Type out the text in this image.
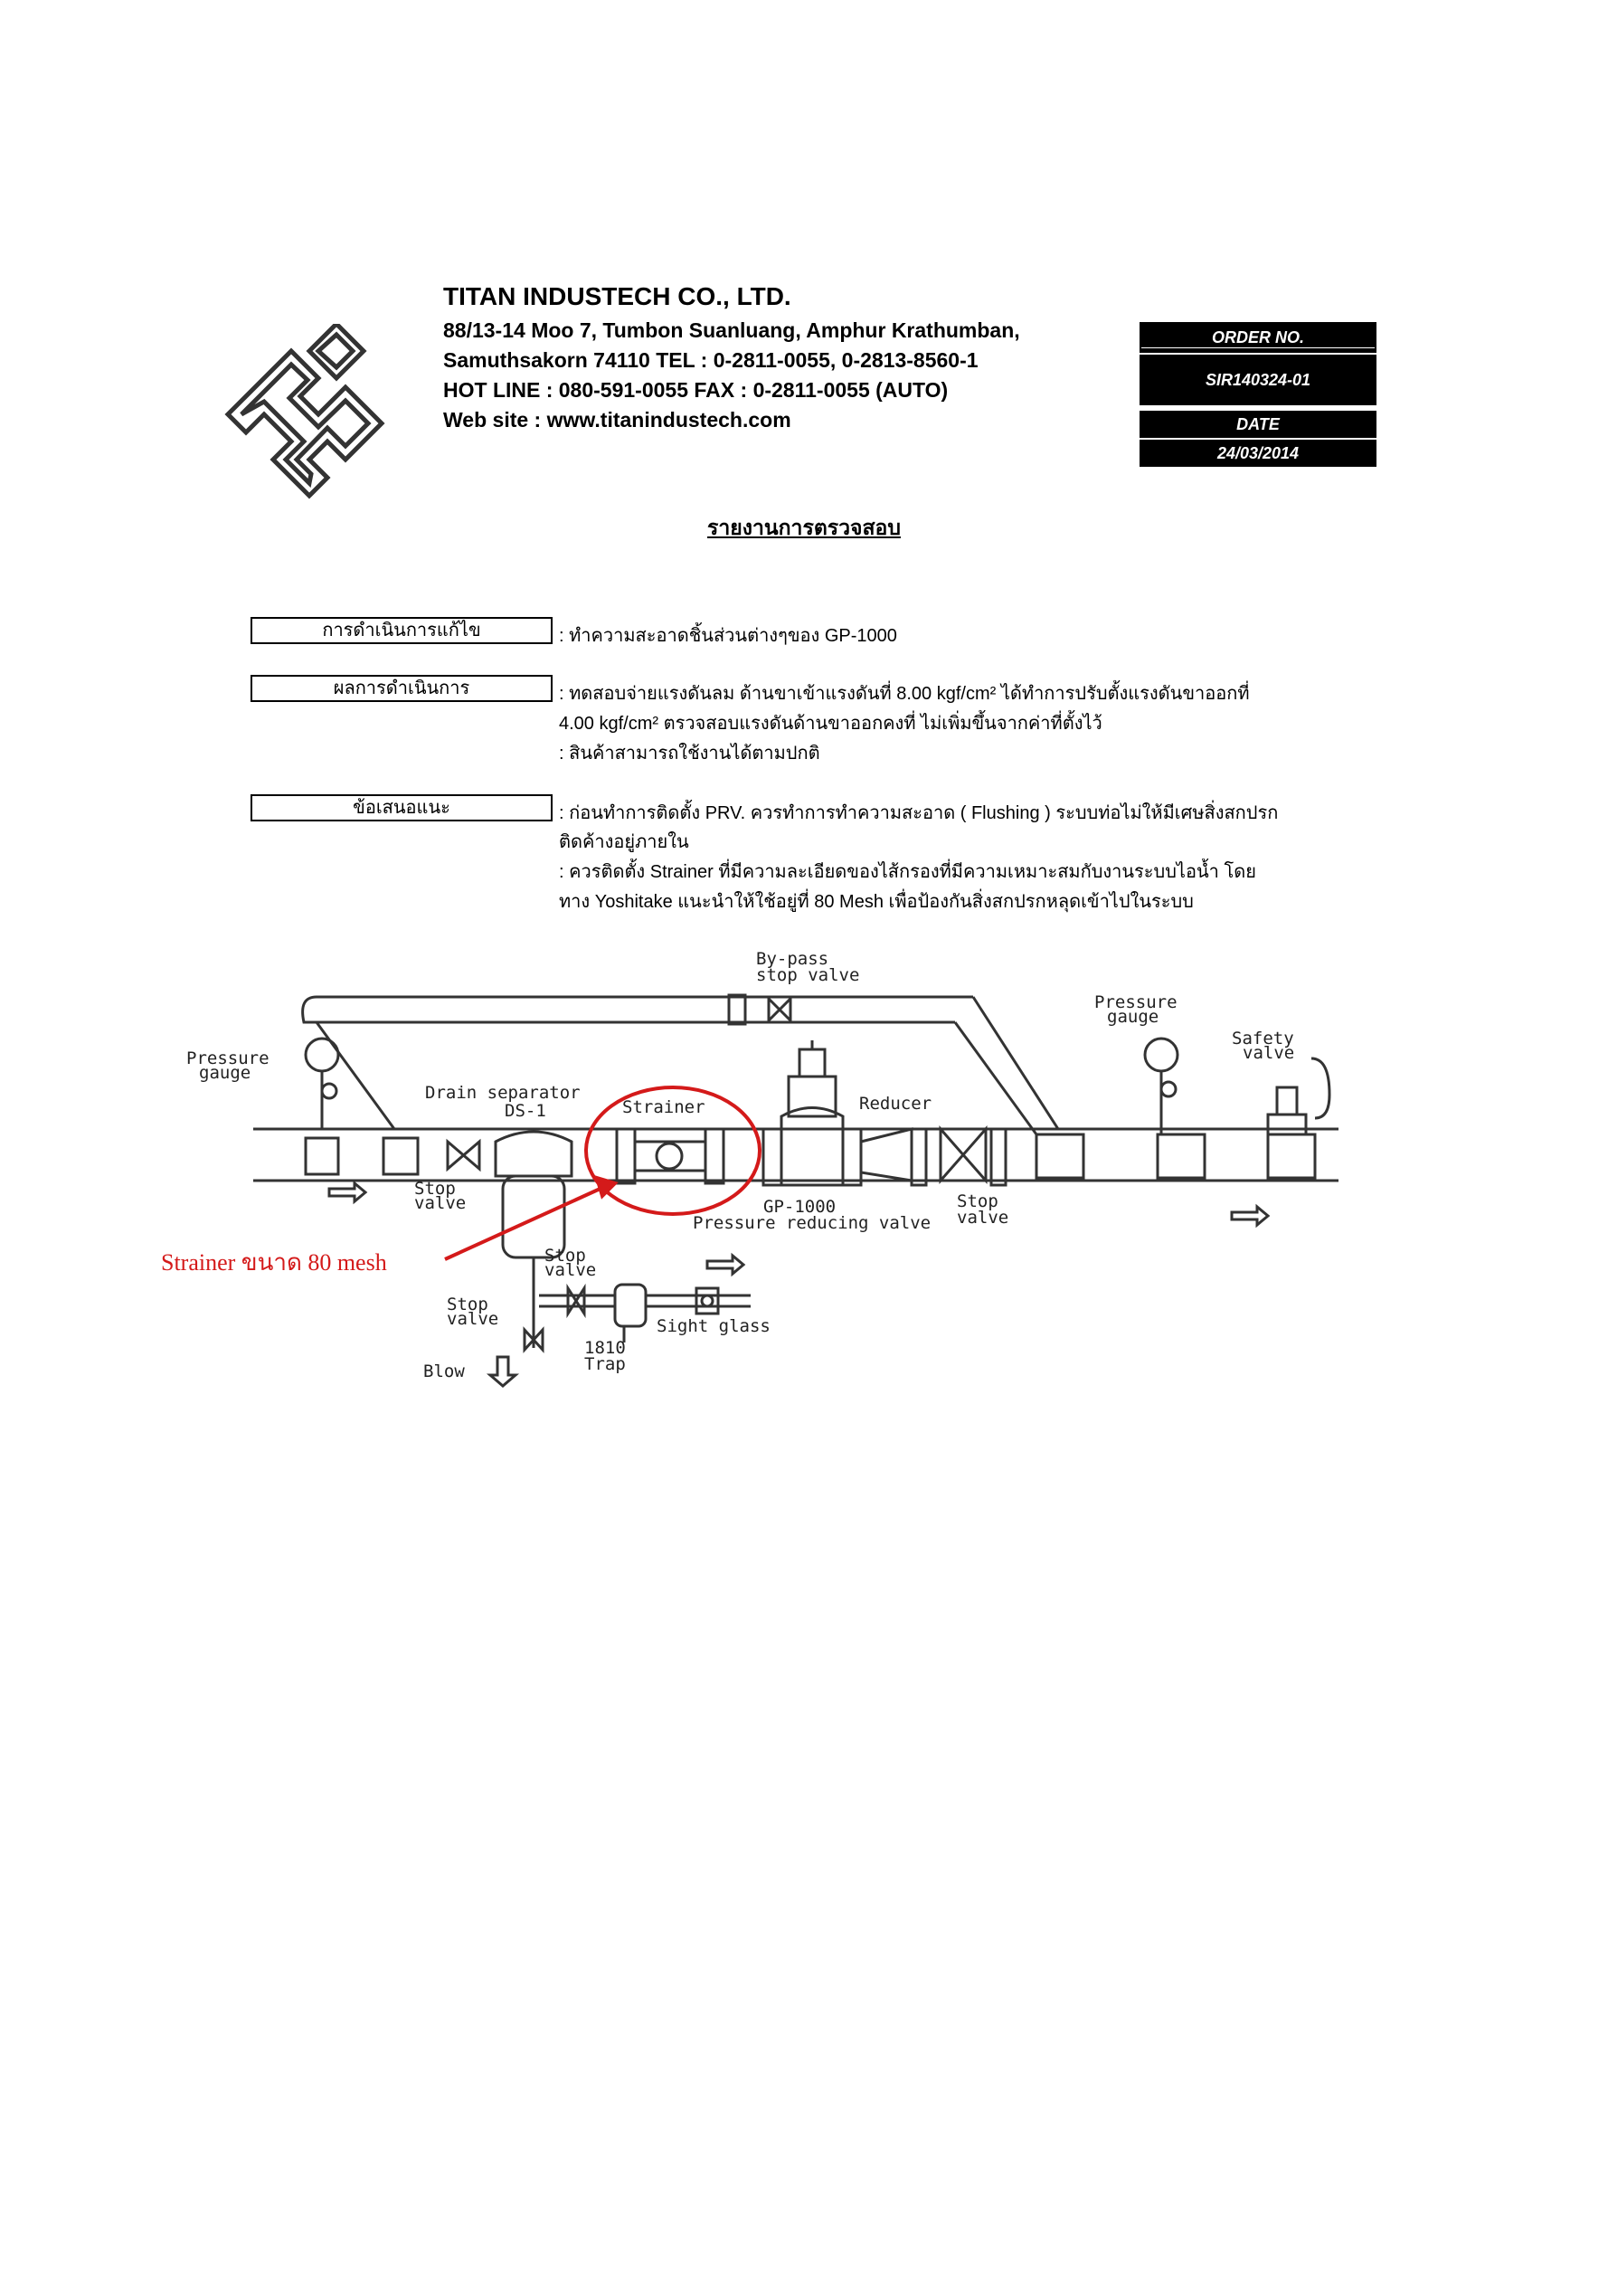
TITAN INDUSTECH CO., LTD.
88/13-14 Moo 7, Tumbon Suanluang, Amphur Krathumban,
Samuthsakorn 74110 TEL : 0-2811-0055, 0-2813-8560-1
HOT LINE : 080-591-0055 FAX : 0-2811-0055 (AUTO)
Web site : www.titanindustech.com
ORDER NO.
SIR140324-01
DATE
24/03/2014
รายงานการตรวจสอบ
การดำเนินการแก้ไข	: ทำความสะอาดชิ้นส่วนต่างๆของ GP-1000
ผลการดำเนินการ	: ทดสอบจ่ายแรงดันลม ด้านขาเข้าแรงดันที่ 8.00 kgf/cm² ได้ทำการปรับตั้งแรงดันขาออกที่
4.00 kgf/cm² ตรวจสอบแรงดันด้านขาออกคงที่ ไม่เพิ่มขึ้นจากค่าที่ตั้งไว้
: สินค้าสามารถใช้งานได้ตามปกติ
ข้อเสนอแนะ	: ก่อนทำการติดตั้ง PRV. ควรทำการทำความสะอาด ( Flushing ) ระบบท่อไม่ให้มีเศษสิ่งสกปรก
ติดค้างอยู่ภายใน
: ควรติดตั้ง Strainer ที่มีความละเอียดของไส้กรองที่มีความเหมาะสมกับงานระบบไอน้ำ โดย
ทาง Yoshitake แนะนำให้ใช้อยู่ที่ 80 Mesh เพื่อป้องกันสิ่งสกปรกหลุดเข้าไปในระบบ
By-pass
stop valve
Pressure
gauge
Pressure
gauge
Safety
valve
Drain separator
DS-1	Strainer	Reducer
Stop
valve	GP-1000
Pressure reducing valve
Stop
valve
Stop
valve
Stop
valve	Sight glass
1810
Trap
Blow
Strainer ขนาด 80 mesh
